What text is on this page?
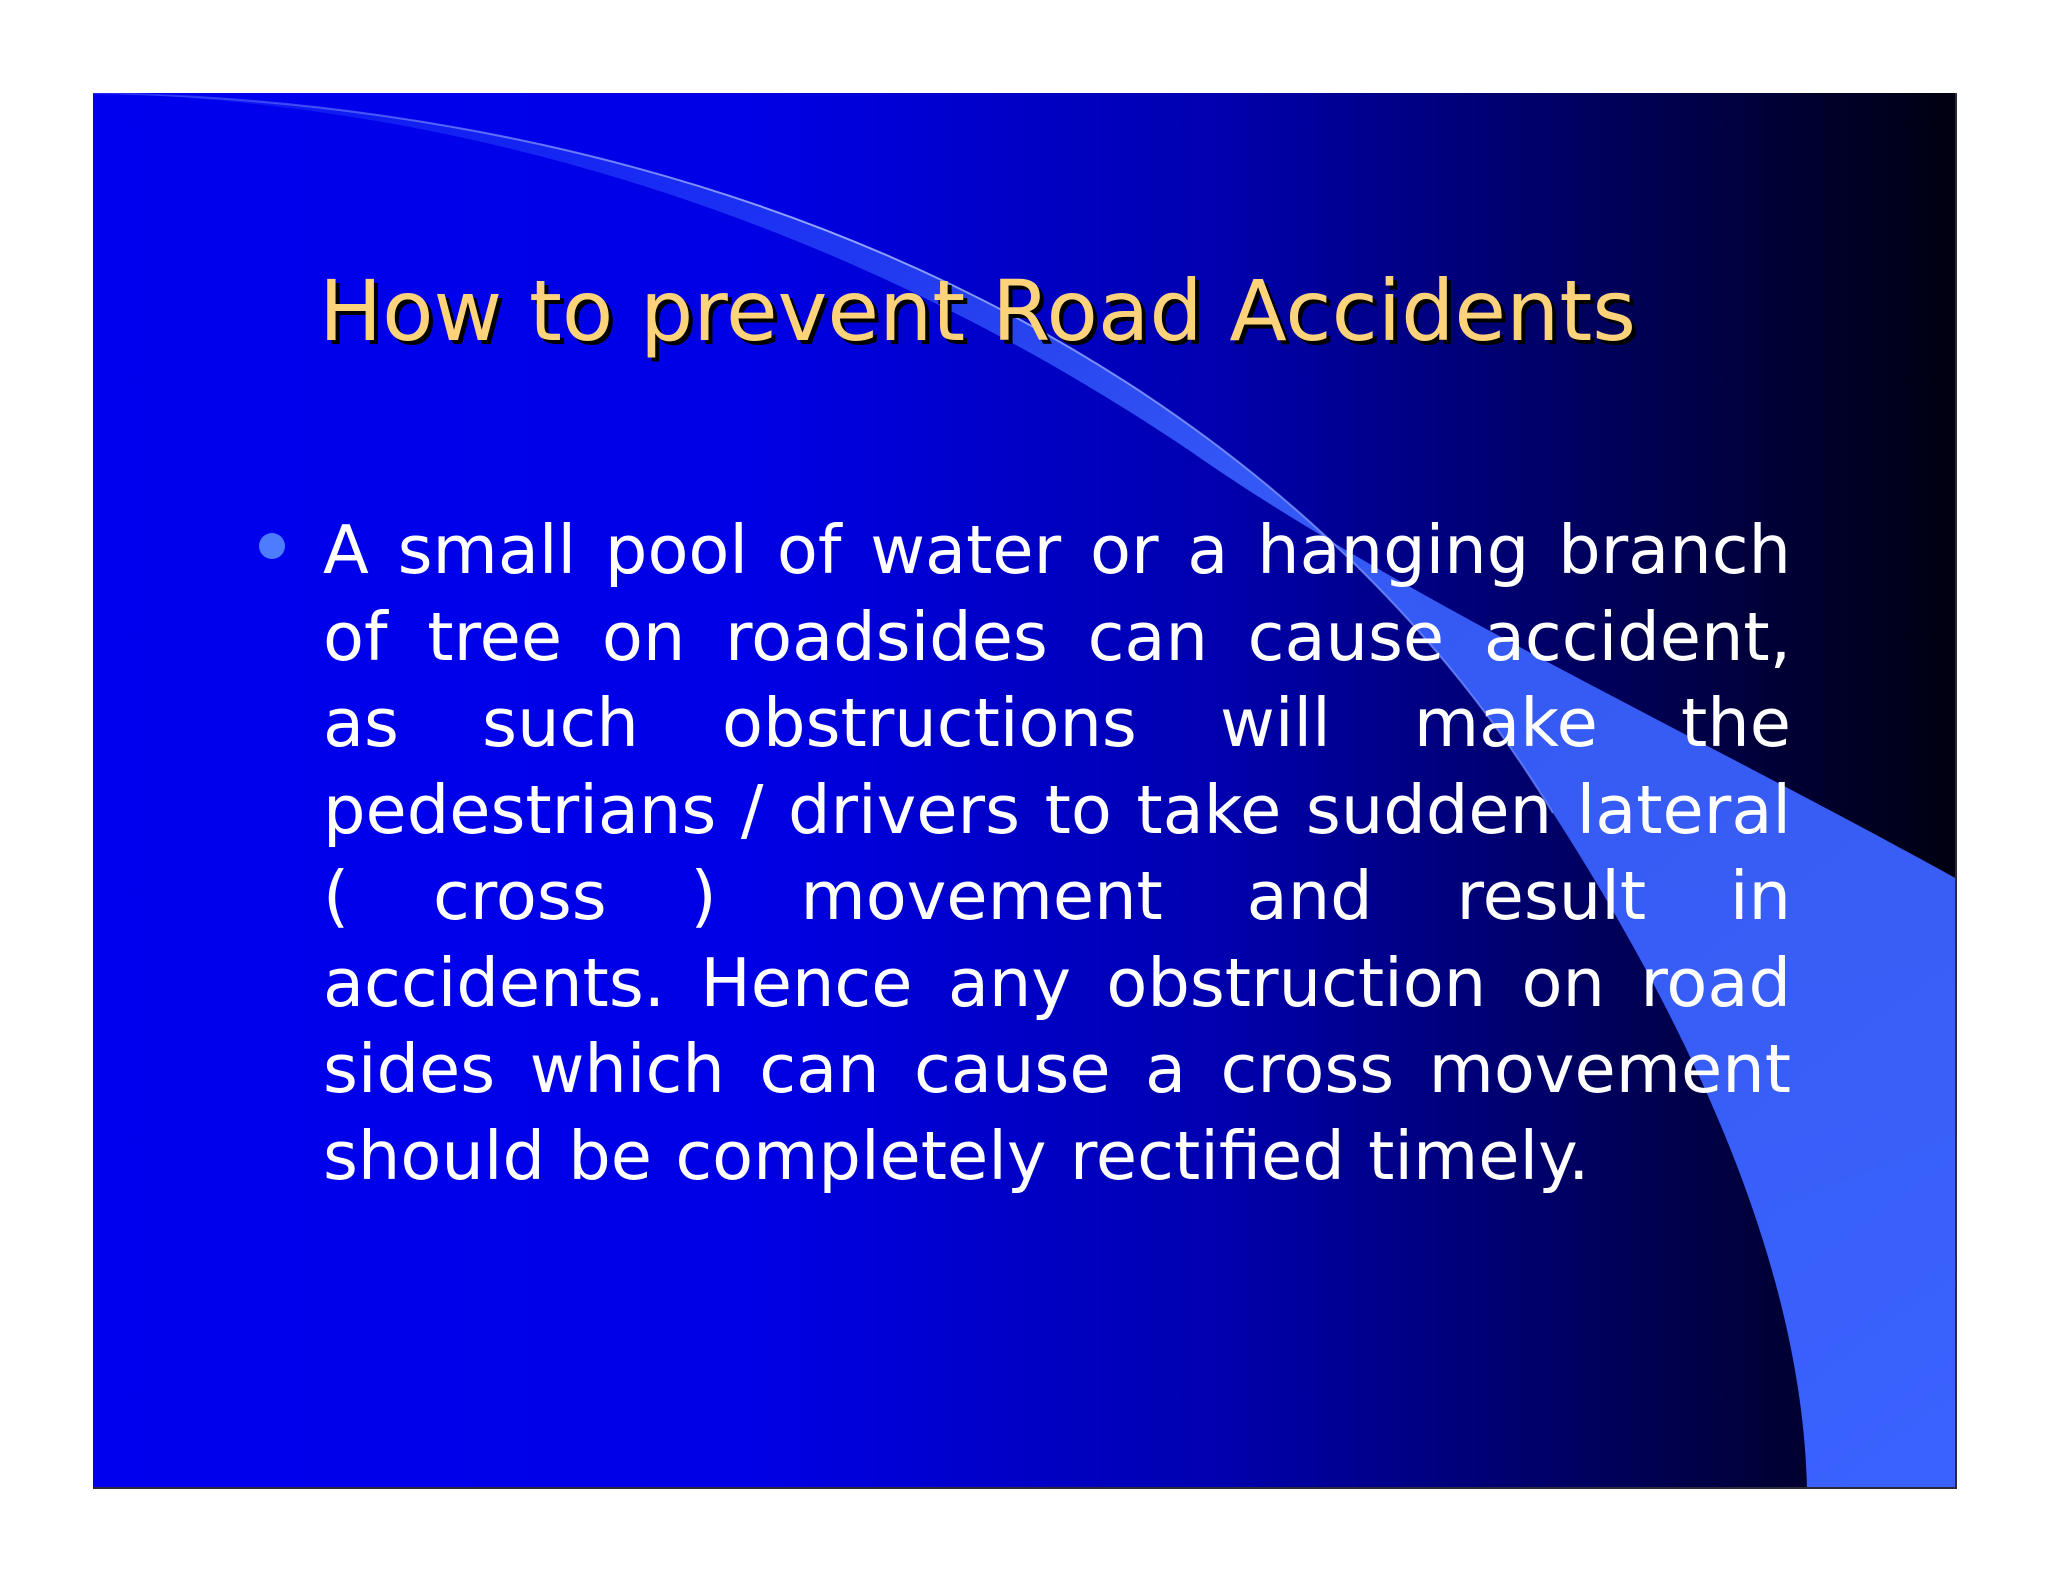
How to prevent Road Accidents

A small pool of water or a hanging branch of tree on roadsides can cause accident, as such obstructions will make the pedestrians / drivers to take sudden lateral ( cross ) movement and result in accidents. Hence any obstruction on road sides which can cause a cross movement should be completely rectified timely.
